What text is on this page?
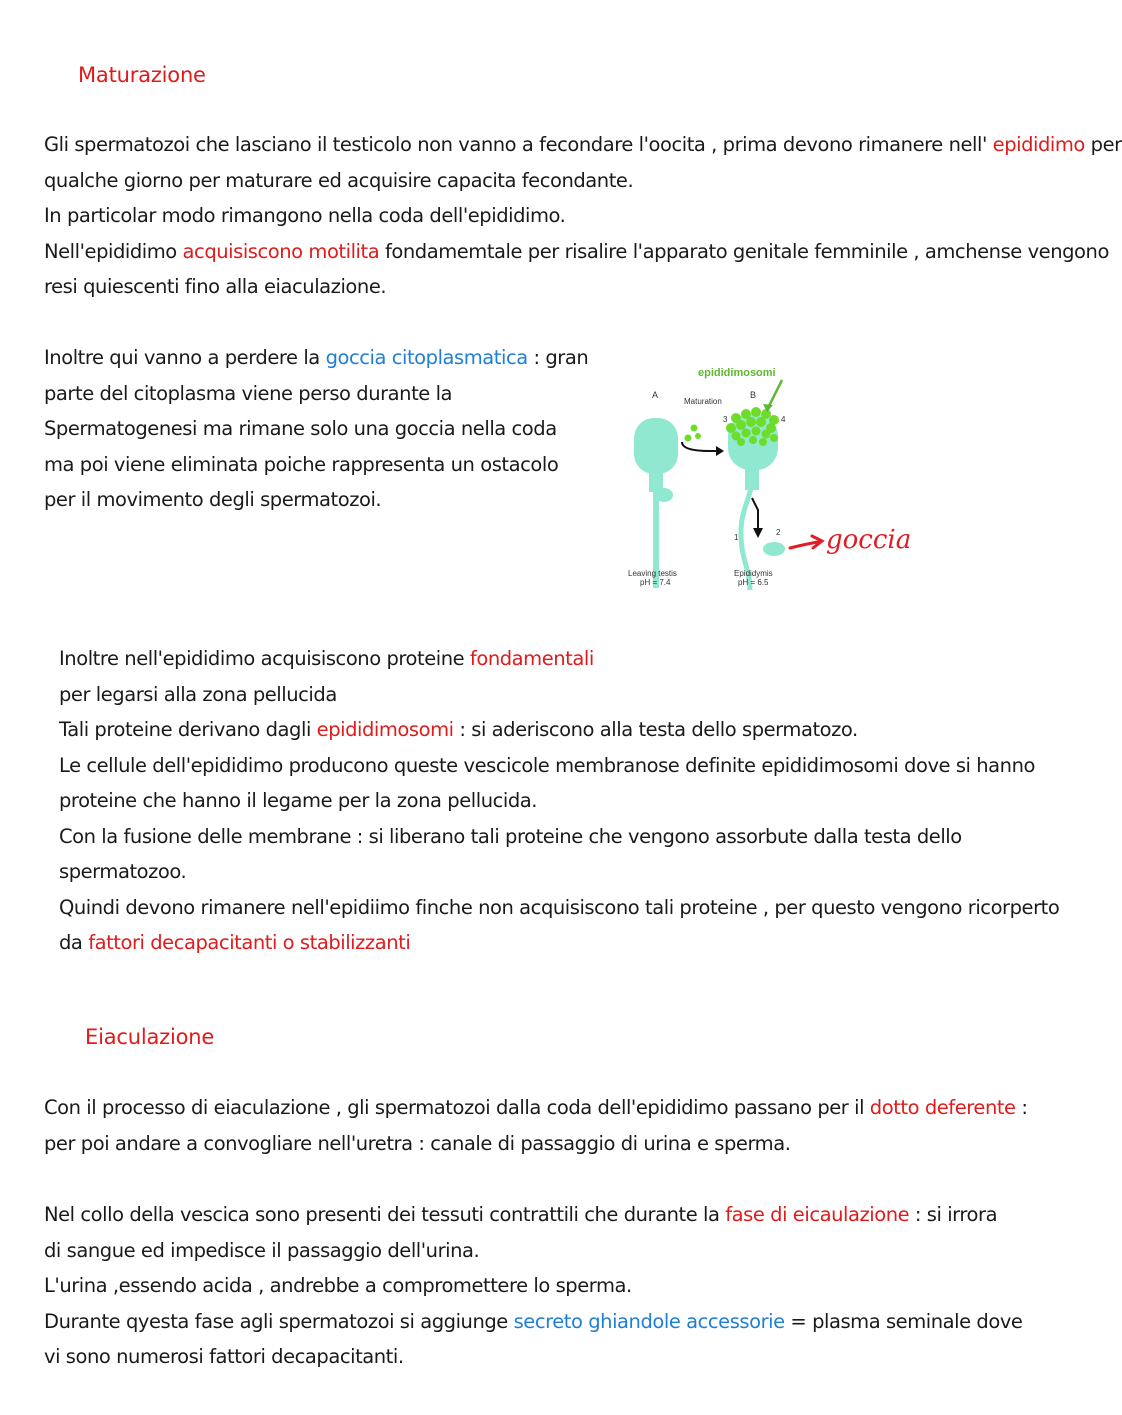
Maturazione
Gli spermatozoi che lasciano il testicolo non vanno a fecondare l'oocita , prima devono rimanere nell' epididimo per
qualche giorno per maturare ed acquisire capacita fecondante.
In particolar modo rimangono nella coda dell'epididimo.
Nell'epididimo acquisiscono motilita fondamemtale per risalire l'apparato genitale femminile , amchense vengono
resi quiescenti fino alla eiaculazione.
Inoltre qui vanno a perdere la goccia citoplasmatica : gran
parte del citoplasma viene perso durante la
Spermatogenesi ma rimane solo una goccia nella coda
ma poi viene eliminata poiche rappresenta un ostacolo
per il movimento degli spermatozoi.
epididimosomi
A	B
Maturation
3	4
1
2
Leaving testis
pH = 7.4
Epididymis
pH = 6.5
goccia
Inoltre nell'epididimo acquisiscono proteine fondamentali
per legarsi alla zona pellucida
Tali proteine derivano dagli epididimosomi : si aderiscono alla testa dello spermatozo.
Le cellule dell'epididimo producono queste vescicole membranose definite epididimosomi dove si hanno
proteine che hanno il legame per la zona pellucida.
Con la fusione delle membrane : si liberano tali proteine che vengono assorbute dalla testa dello
spermatozoo.
Quindi devono rimanere nell'epidiimo finche non acquisiscono tali proteine , per questo vengono ricorperto
da fattori decapacitanti o stabilizzanti
Eiaculazione
Con il processo di eiaculazione , gli spermatozoi dalla coda dell'epididimo passano per il dotto deferente :
per poi andare a convogliare nell'uretra : canale di passaggio di urina e sperma.
Nel collo della vescica sono presenti dei tessuti contrattili che durante la fase di eicaulazione : si irrora
di sangue ed impedisce il passaggio dell'urina.
L'urina ,essendo acida , andrebbe a compromettere lo sperma.
Durante qyesta fase agli spermatozoi si aggiunge secreto ghiandole accessorie = plasma seminale dove
vi sono numerosi fattori decapacitanti.
